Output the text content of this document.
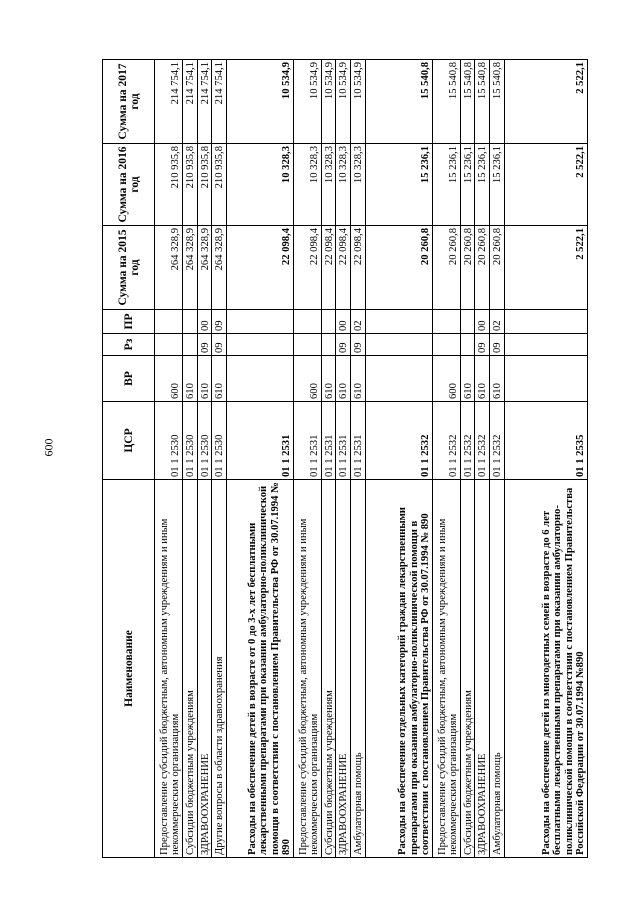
600
Наименование	ЦСР	ВР	Рз	ПР	Сумма на 2015 год	Сумма на 2016 год	Сумма на 2017 год
Предоставление субсидий бюджетным, автономным учреждениям и иным некоммерческим организациям	01 1 2530	600			264 328,9	210 935,8	214 754,1
Субсидии бюджетным учреждениям	01 1 2530	610			264 328,9	210 935,8	214 754,1
ЗДРАВООХРАНЕНИЕ	01 1 2530	610	09	00	264 328,9	210 935,8	214 754,1
Другие вопросы в области здравоохранения	01 1 2530	610	09	09	264 328,9	210 935,8	214 754,1
Расходы на обеспечение детей в возрасте от 0 до 3-х лет бесплатными лекарственными препаратами при оказании амбулаторно-поликлинической помощи в соответствии с постановлением Правительства РФ от 30.07.1994 № 890	01 1 2531				22 098,4	10 328,3	10 534,9
Предоставление субсидий бюджетным, автономным учреждениям и иным некоммерческим организациям	01 1 2531	600			22 098,4	10 328,3	10 534,9
Субсидии бюджетным учреждениям	01 1 2531	610			22 098,4	10 328,3	10 534,9
ЗДРАВООХРАНЕНИЕ	01 1 2531	610	09	00	22 098,4	10 328,3	10 534,9
Амбулаторная помощь	01 1 2531	610	09	02	22 098,4	10 328,3	10 534,9
Расходы на обеспечение отдельных категорий граждан лекарственными препаратами при оказании амбулаторно-поликлинической помощи в соответствии с постановлением Правительства РФ от 30.07.1994 № 890	01 1 2532				20 260,8	15 236,1	15 540,8
Предоставление субсидий бюджетным, автономным учреждениям и иным некоммерческим организациям	01 1 2532	600			20 260,8	15 236,1	15 540,8
Субсидии бюджетным учреждениям	01 1 2532	610			20 260,8	15 236,1	15 540,8
ЗДРАВООХРАНЕНИЕ	01 1 2532	610	09	00	20 260,8	15 236,1	15 540,8
Амбулаторная помощь	01 1 2532	610	09	02	20 260,8	15 236,1	15 540,8
Расходы на обеспечение детей из многодетных семей в возрасте до 6 лет бесплатными лекарственными препаратами при оказании амбулаторно-поликлинической помощи в соответствии с постановлением Правительства Российской Федерации от 30.07.1994 №890	01 1 2535				2 522,1	2 522,1	2 522,1
